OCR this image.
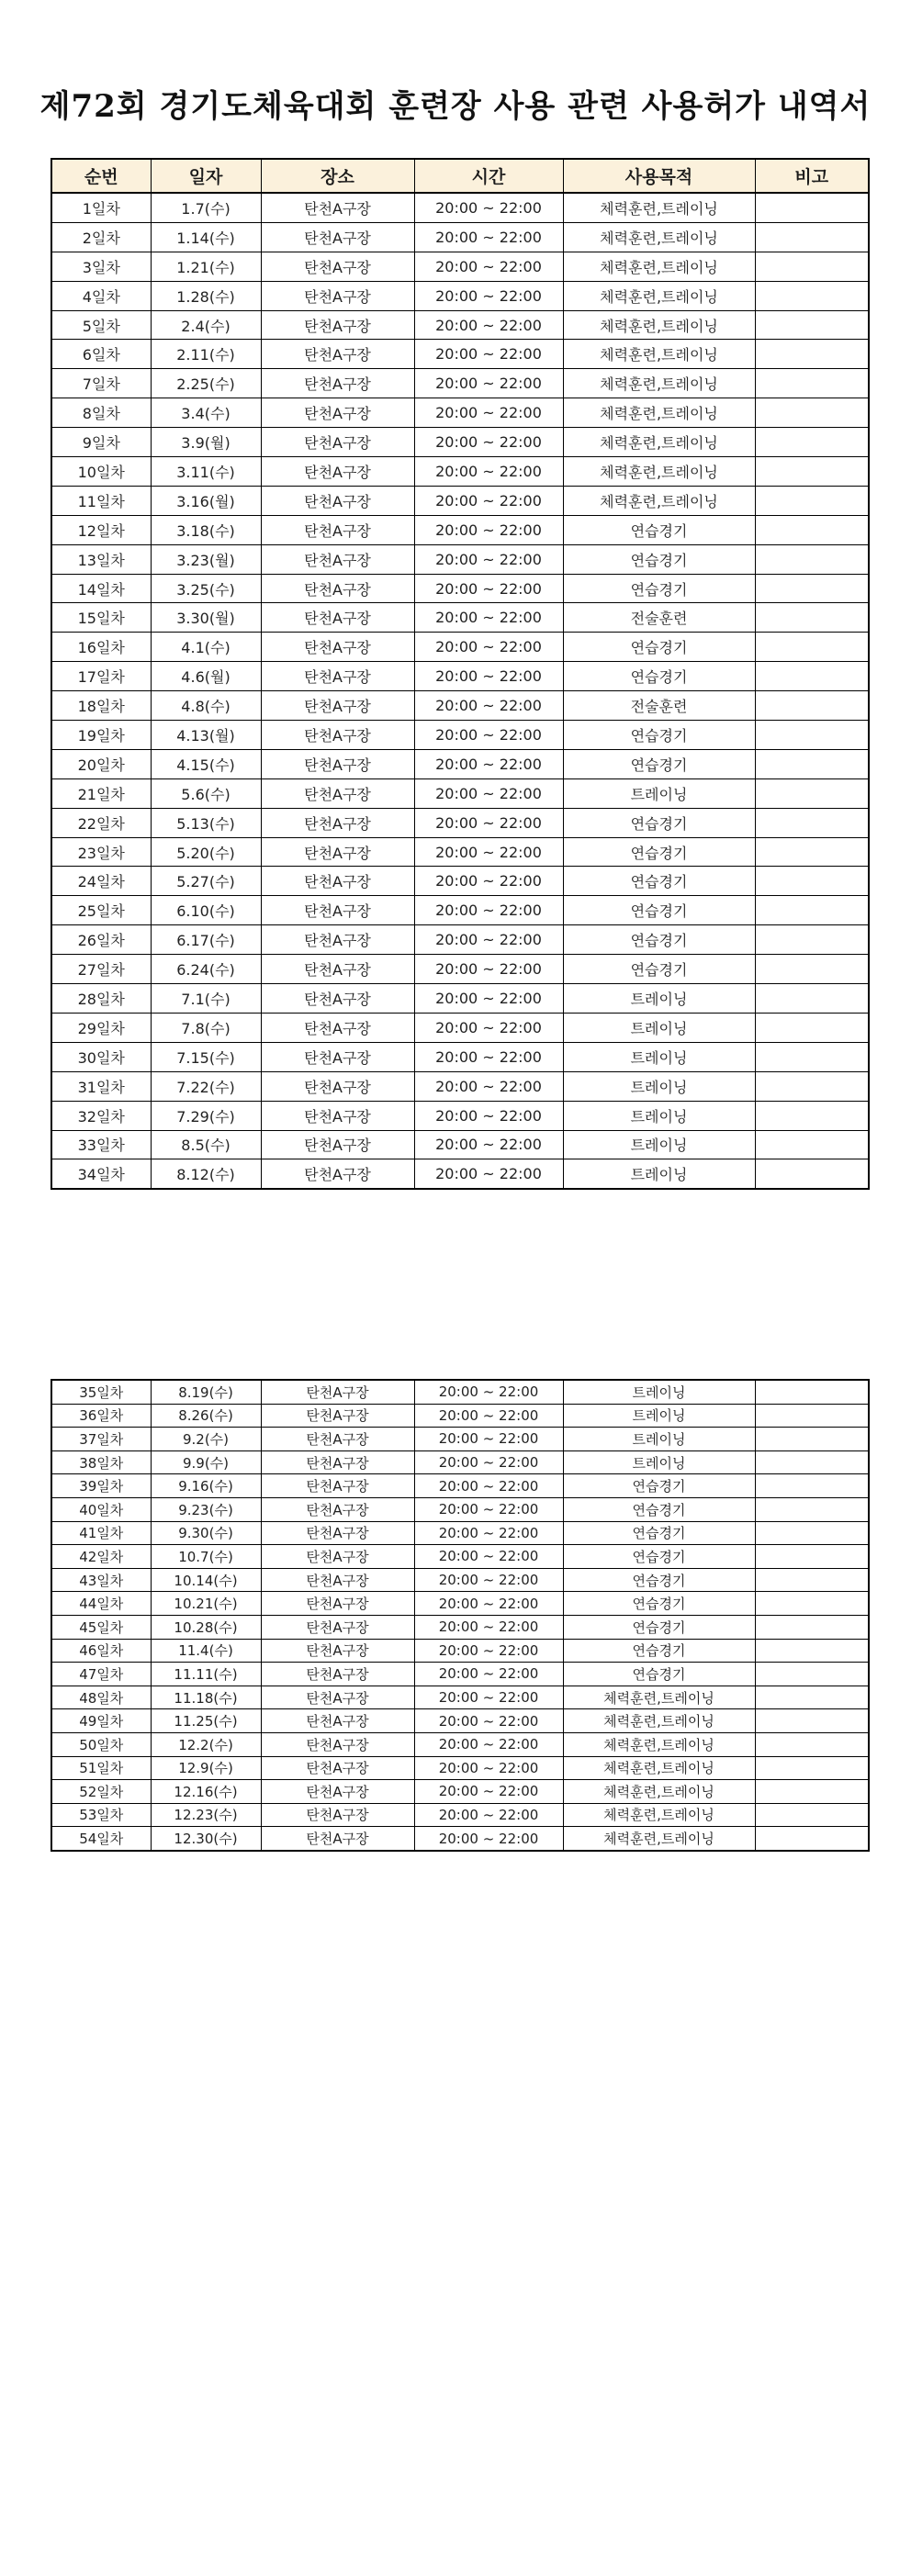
제72회 경기도체육대회 훈련장 사용 관련 사용허가 내역서
순번	일자	장소	시간	사용목적	비고
1일차	1.7(수)	탄천A구장	20:00 ~ 22:00	체력훈련,트레이닝	
2일차	1.14(수)	탄천A구장	20:00 ~ 22:00	체력훈련,트레이닝	
3일차	1.21(수)	탄천A구장	20:00 ~ 22:00	체력훈련,트레이닝	
4일차	1.28(수)	탄천A구장	20:00 ~ 22:00	체력훈련,트레이닝	
5일차	2.4(수)	탄천A구장	20:00 ~ 22:00	체력훈련,트레이닝	
6일차	2.11(수)	탄천A구장	20:00 ~ 22:00	체력훈련,트레이닝	
7일차	2.25(수)	탄천A구장	20:00 ~ 22:00	체력훈련,트레이닝	
8일차	3.4(수)	탄천A구장	20:00 ~ 22:00	체력훈련,트레이닝	
9일차	3.9(월)	탄천A구장	20:00 ~ 22:00	체력훈련,트레이닝	
10일차	3.11(수)	탄천A구장	20:00 ~ 22:00	체력훈련,트레이닝	
11일차	3.16(월)	탄천A구장	20:00 ~ 22:00	체력훈련,트레이닝	
12일차	3.18(수)	탄천A구장	20:00 ~ 22:00	연습경기	
13일차	3.23(월)	탄천A구장	20:00 ~ 22:00	연습경기	
14일차	3.25(수)	탄천A구장	20:00 ~ 22:00	연습경기	
15일차	3.30(월)	탄천A구장	20:00 ~ 22:00	전술훈련	
16일차	4.1(수)	탄천A구장	20:00 ~ 22:00	연습경기	
17일차	4.6(월)	탄천A구장	20:00 ~ 22:00	연습경기	
18일차	4.8(수)	탄천A구장	20:00 ~ 22:00	전술훈련	
19일차	4.13(월)	탄천A구장	20:00 ~ 22:00	연습경기	
20일차	4.15(수)	탄천A구장	20:00 ~ 22:00	연습경기	
21일차	5.6(수)	탄천A구장	20:00 ~ 22:00	트레이닝	
22일차	5.13(수)	탄천A구장	20:00 ~ 22:00	연습경기	
23일차	5.20(수)	탄천A구장	20:00 ~ 22:00	연습경기	
24일차	5.27(수)	탄천A구장	20:00 ~ 22:00	연습경기	
25일차	6.10(수)	탄천A구장	20:00 ~ 22:00	연습경기	
26일차	6.17(수)	탄천A구장	20:00 ~ 22:00	연습경기	
27일차	6.24(수)	탄천A구장	20:00 ~ 22:00	연습경기	
28일차	7.1(수)	탄천A구장	20:00 ~ 22:00	트레이닝	
29일차	7.8(수)	탄천A구장	20:00 ~ 22:00	트레이닝	
30일차	7.15(수)	탄천A구장	20:00 ~ 22:00	트레이닝	
31일차	7.22(수)	탄천A구장	20:00 ~ 22:00	트레이닝	
32일차	7.29(수)	탄천A구장	20:00 ~ 22:00	트레이닝	
33일차	8.5(수)	탄천A구장	20:00 ~ 22:00	트레이닝	
34일차	8.12(수)	탄천A구장	20:00 ~ 22:00	트레이닝	
35일차	8.19(수)	탄천A구장	20:00 ~ 22:00	트레이닝	
36일차	8.26(수)	탄천A구장	20:00 ~ 22:00	트레이닝	
37일차	9.2(수)	탄천A구장	20:00 ~ 22:00	트레이닝	
38일차	9.9(수)	탄천A구장	20:00 ~ 22:00	트레이닝	
39일차	9.16(수)	탄천A구장	20:00 ~ 22:00	연습경기	
40일차	9.23(수)	탄천A구장	20:00 ~ 22:00	연습경기	
41일차	9.30(수)	탄천A구장	20:00 ~ 22:00	연습경기	
42일차	10.7(수)	탄천A구장	20:00 ~ 22:00	연습경기	
43일차	10.14(수)	탄천A구장	20:00 ~ 22:00	연습경기	
44일차	10.21(수)	탄천A구장	20:00 ~ 22:00	연습경기	
45일차	10.28(수)	탄천A구장	20:00 ~ 22:00	연습경기	
46일차	11.4(수)	탄천A구장	20:00 ~ 22:00	연습경기	
47일차	11.11(수)	탄천A구장	20:00 ~ 22:00	연습경기	
48일차	11.18(수)	탄천A구장	20:00 ~ 22:00	체력훈련,트레이닝	
49일차	11.25(수)	탄천A구장	20:00 ~ 22:00	체력훈련,트레이닝	
50일차	12.2(수)	탄천A구장	20:00 ~ 22:00	체력훈련,트레이닝	
51일차	12.9(수)	탄천A구장	20:00 ~ 22:00	체력훈련,트레이닝	
52일차	12.16(수)	탄천A구장	20:00 ~ 22:00	체력훈련,트레이닝	
53일차	12.23(수)	탄천A구장	20:00 ~ 22:00	체력훈련,트레이닝	
54일차	12.30(수)	탄천A구장	20:00 ~ 22:00	체력훈련,트레이닝	
